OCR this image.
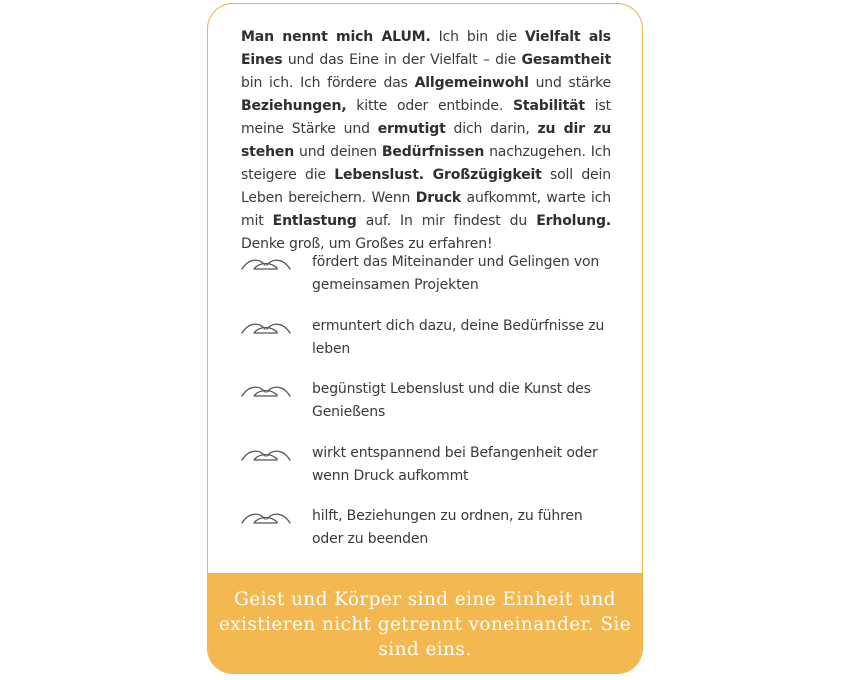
Man nennt mich ALUM. Ich bin die Vielfalt als Eines und das Eine in der Vielfalt – die Gesamtheit bin ich. Ich fördere das Allgemeinwohl und stärke Beziehungen, kitte oder entbinde. Stabilität ist meine Stärke und ermutigt dich darin, zu dir zu stehen und deinen Bedürfnissen nachzugehen. Ich steigere die Lebenslust. Großzügigkeit soll dein Leben bereichern. Wenn Druck aufkommt, warte ich mit Entlastung auf. In mir findest du Erholung. Denke groß, um Großes zu erfahren!

fördert das Miteinander und Gelingen von gemeinsamen Projekten
ermuntert dich dazu, deine Bedürfnisse zu leben
begünstigt Lebenslust und die Kunst des Genießens
wirkt entspannend bei Befangenheit oder wenn Druck aufkommt
hilft, Beziehungen zu ordnen, zu führen oder zu beenden

Geist und Körper sind eine Einheit und existieren nicht getrennt voneinander. Sie sind eins.
